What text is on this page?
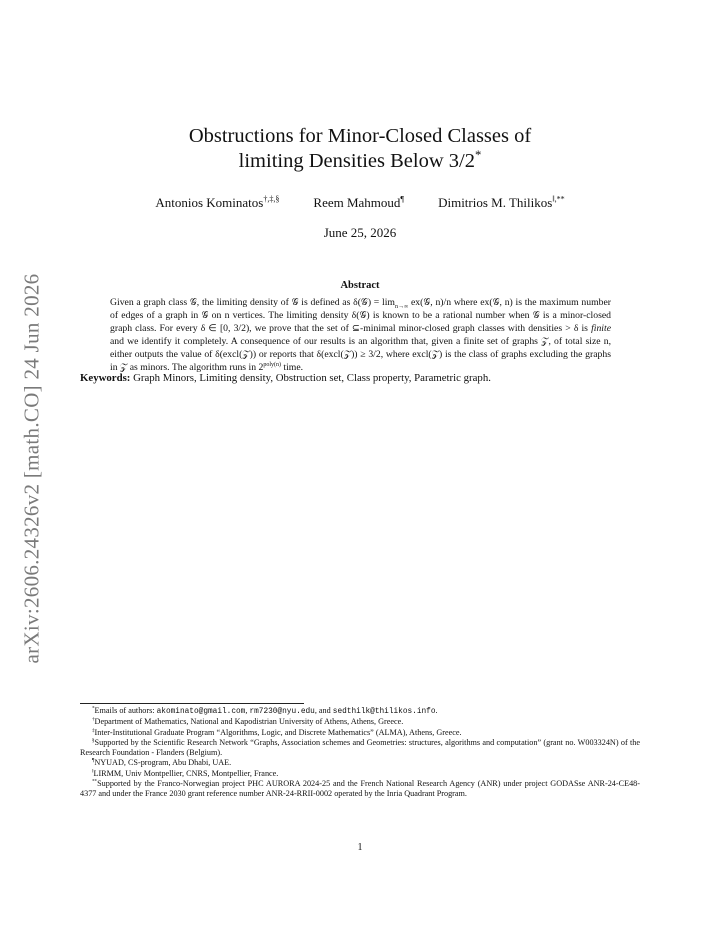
arXiv:2606.24326v2 [math.CO] 24 Jun 2026
Obstructions for Minor-Closed Classes of
limiting Densities Below 3/2*
Antonios Kominatos†,‡,§	Reem Mahmoud¶	Dimitrios M. Thilikos‖,**
June 25, 2026
Abstract

Given a graph class 𝒢, the limiting density of 𝒢 is defined as δ(𝒢) = $\lim_{n\to\infty}$ ex(𝒢, n)/n where ex(𝒢, n) is the maximum number of edges of a graph in 𝒢 on n vertices. The limiting density δ(𝒢) is known to be a rational number when 𝒢 is a minor-closed graph class. For every δ ∈ [0, 3/2), we prove that the set of ⊆-minimal minor-closed graph classes with densities > δ is finite and we identify it completely. A consequence of our results is an algorithm that, given a finite set of graphs 𝒵, of total size n, either outputs the value of δ(excl(𝒵)) or reports that δ(excl(𝒵)) ≥ 3/2, where excl(𝒵) is the class of graphs excluding the graphs in 𝒵 as minors. The algorithm runs in $2^{poly(n)}$ time.

Keywords: Graph Minors, Limiting density, Obstruction set, Class property, Parametric graph.

*Emails of authors: akominato@gmail.com, rm7230@nyu.edu, and sedthilk@thilikos.info.

†Department of Mathematics, National and Kapodistrian University of Athens, Athens, Greece.

‡Inter-Institutional Graduate Program “Algorithms, Logic, and Discrete Mathematics” (ALMA), Athens, Greece.

§Supported by the Scientific Research Network “Graphs, Association schemes and Geometries: structures, algorithms and computation” (grant no. W003324N) of the Research Foundation - Flanders (Belgium).

¶NYUAD, CS-program, Abu Dhabi, UAE.

‖LIRMM, Univ Montpellier, CNRS, Montpellier, France.

**Supported by the Franco-Norwegian project PHC AURORA 2024-25 and the French National Research Agency (ANR) under project GODASse ANR-24-CE48-4377 and under the France 2030 grant reference number ANR-24-RRII-0002 operated by the Inria Quadrant Program.

1
